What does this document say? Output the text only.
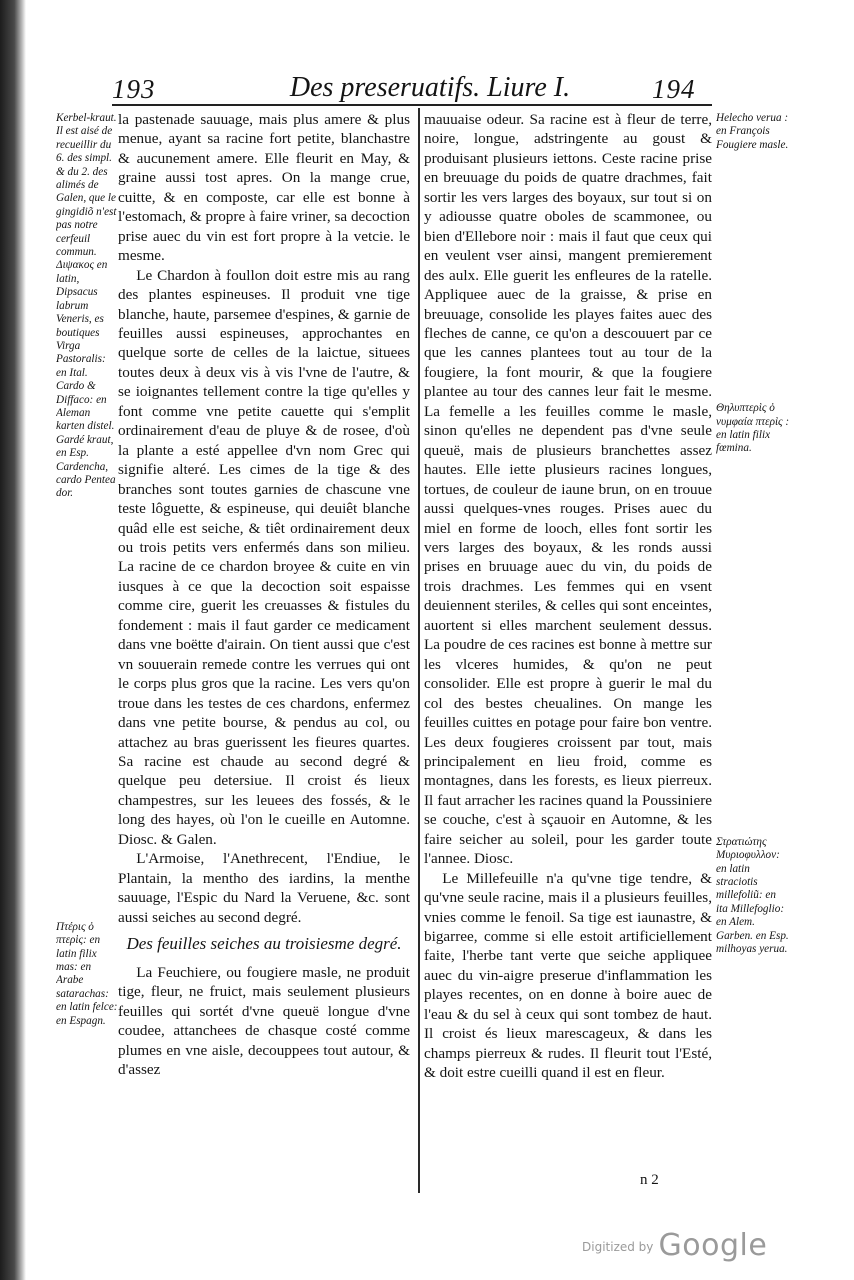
193	Des preseruatifs. Liure I.	194

Kerbel-kraut. Il est aisé de recueillir du 6. des simpl. & du 2. des alimés de Galen, que le gingidiõ n'est pas notre cerfeuil commun. Διψακος en latin, Dipsacus labrum Veneris, es boutiques Virga Pastoralis: en Ital. Cardo & Diffaco: en Aleman karten distel. Gardé kraut, en Esp. Cardencha, cardo Pentea dor.

Πτέρις ὁ πτερὶς: en latin filix mas: en Arabe satarachas: en latin felce: en Espagn.

la pastenade sauuage, mais plus amere & plus menue, ayant sa racine fort petite, blanchastre & aucunement amere. Elle fleurit en May, & graine aussi tost apres. On la mange crue, cuitte, & en composte, car elle est bonne à l'estomach, & propre à faire vriner, sa decoction prise auec du vin est fort propre à la vetcie. le mesme.

Le Chardon à foullon doit estre mis au rang des plantes espineuses. Il produit vne tige blanche, haute, parsemee d'espines, & garnie de feuilles aussi espineuses, approchantes en quelque sorte de celles de la laictue, situees toutes deux à deux vis à vis l'vne de l'autre, & se ioignantes tellement contre la tige qu'elles y font comme vne petite cauette qui s'emplit ordinairement d'eau de pluye & de rosee, d'où la plante a esté appellee d'vn nom Grec qui signifie alteré. Les cimes de la tige & des branches sont toutes garnies de chascune vne teste lôguette, & espineuse, qui deuiêt blanche quâd elle est seiche, & tiêt ordinairement deux ou trois petits vers enfermés dans son milieu. La racine de ce chardon broyee & cuite en vin iusques à ce que la decoction soit espaisse comme cire, guerit les creuasses & fistules du fondement : mais il faut garder ce medicament dans vne boëtte d'airain. On tient aussi que c'est vn souuerain remede contre les verrues qui ont le corps plus gros que la racine. Les vers qu'on troue dans les testes de ces chardons, enfermez dans vne petite bourse, & pendus au col, ou attachez au bras guerissent les fieures quartes. Sa racine est chaude au second degré & quelque peu detersiue. Il croist és lieux champestres, sur les leuees des fossés, & le long des hayes, où l'on le cueille en Automne. Diosc. & Galen.

L'Armoise, l'Anethrecent, l'Endiue, le Plantain, la mentho des iardins, la menthe sauuage, l'Espic du Nard la Veruene, &c. sont aussi seiches au second degré.

Des feuilles seiches au troisiesme degré.

La Feuchiere, ou fougiere masle, ne produit tige, fleur, ne fruict, mais seulement plusieurs feuilles qui sortét d'vne queuë longue d'vne coudee, attanchees de chasque costé comme plumes en vne aisle, decouppees tout autour, & d'assez

mauuaise odeur. Sa racine est à fleur de terre, noire, longue, adstringente au goust & produisant plusieurs iettons. Ceste racine prise en breuuage du poids de quatre drachmes, fait sortir les vers larges des boyaux, sur tout si on y adiousse quatre oboles de scammonee, ou bien d'Ellebore noir : mais il faut que ceux qui en veulent vser ainsi, mangent premierement des aulx. Elle guerit les enfleures de la ratelle. Appliquee auec de la graisse, & prise en breuuage, consolide les playes faites auec des fleches de canne, ce qu'on a descouuert par ce que les cannes plantees tout au tour de la fougiere, la font mourir, & que la fougiere plantee au tour des cannes leur fait le mesme. La femelle a les feuilles comme le masle, sinon qu'elles ne dependent pas d'vne seule queuë, mais de plusieurs branchettes assez hautes. Elle iette plusieurs racines longues, tortues, de couleur de iaune brun, on en trouue aussi quelques-vnes rouges. Prises auec du miel en forme de looch, elles font sortir les vers larges des boyaux, & les ronds aussi prises en bruuage auec du vin, du poids de trois drachmes. Les femmes qui en vsent deuiennent steriles, & celles qui sont enceintes, auortent si elles marchent seulement dessus. La poudre de ces racines est bonne à mettre sur les vlceres humides, & qu'on ne peut consolider. Elle est propre à guerir le mal du col des bestes cheualines. On mange les feuilles cuittes en potage pour faire bon ventre. Les deux fougieres croissent par tout, mais principalement en lieu froid, comme es montagnes, dans les forests, es lieux pierreux. Il faut arracher les racines quand la Poussiniere se couche, c'est à sçauoir en Automne, & les faire seicher au soleil, pour les garder toute l'annee. Diosc.

Le Millefeuille n'a qu'vne tige tendre, & qu'vne seule racine, mais il a plusieurs feuilles, vnies comme le fenoil. Sa tige est iaunastre, & bigarree, comme si elle estoit artificiellement faite, l'herbe tant verte que seiche appliquee auec du vin-aigre preserue d'inflammation les playes recentes, on en donne à boire auec de l'eau & du sel à ceux qui sont tombez de haut. Il croist és lieux marescageux, & dans les champs pierreux & rudes. Il fleurit tout l'Esté, & doit estre cueilli quand il est en fleur.

Helecho verua : en François Fougiere masle.

Θηλυπτερὶς ὁ νυμφαία πτερὶς : en latin filix fœmina.

Στρατιώτης Μυριοφυλλον: en latin straciotis millefoliũ: en ita Millefoglio: en Alem. Garben. en Esp. milhoyas yerua.

n 2
$^{Digitized by}$ Google
